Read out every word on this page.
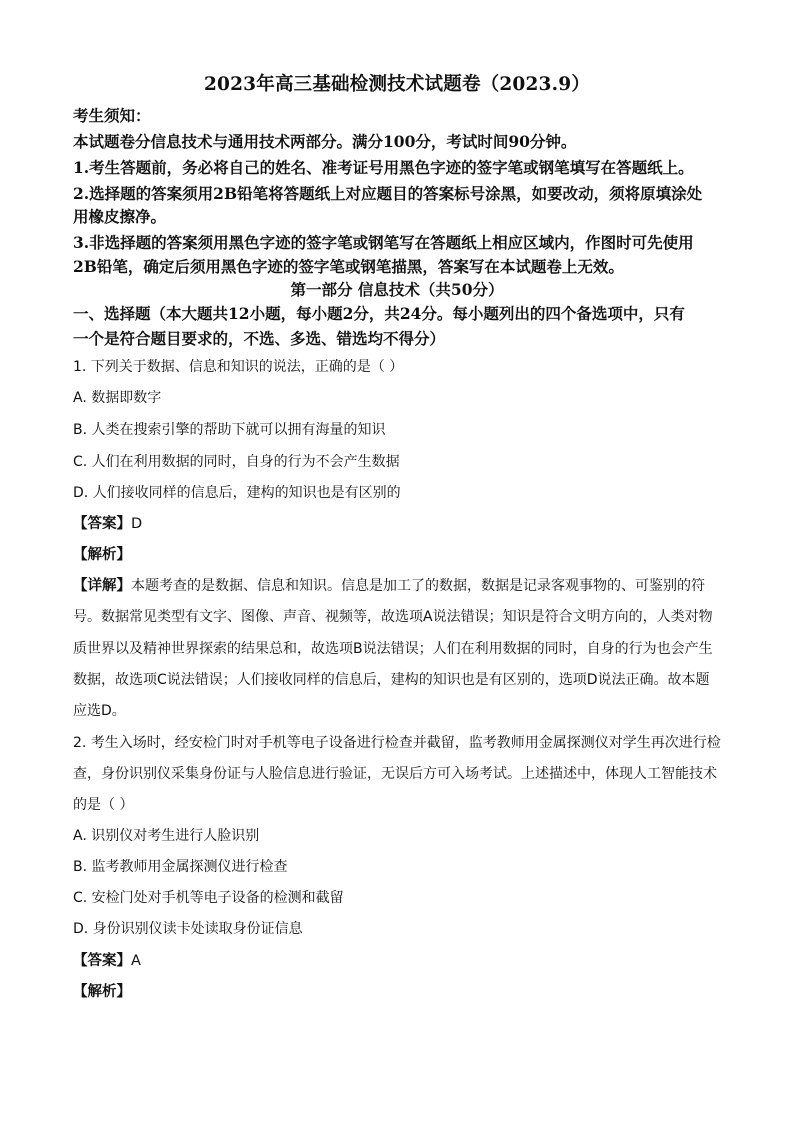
2023年高三基础检测技术试题卷（2023.9）
考生须知：
本试题卷分信息技术与通用技术两部分。满分100分，考试时间90分钟。
1.考生答题前，务必将自己的姓名、准考证号用黑色字迹的签字笔或钢笔填写在答题纸上。
2.选择题的答案须用2B铅笔将答题纸上对应题目的答案标号涂黑，如要改动，须将原填涂处
用橡皮擦净。
3.非选择题的答案须用黑色字迹的签字笔或钢笔写在答题纸上相应区域内，作图时可先使用
2B铅笔，确定后须用黑色字迹的签字笔或钢笔描黑，答案写在本试题卷上无效。
第一部分 信息技术（共50分）
一、选择题（本大题共12小题，每小题2分，共24分。每小题列出的四个备选项中，只有
一个是符合题目要求的，不选、多选、错选均不得分）
1. 下列关于数据、信息和知识的说法，正确的是（ ）
A. 数据即数字
B. 人类在搜索引擎的帮助下就可以拥有海量的知识
C. 人们在利用数据的同时，自身的行为不会产生数据
D. 人们接收同样的信息后，建构的知识也是有区别的
【答案】D
【解析】
【详解】本题考查的是数据、信息和知识。信息是加工了的数据，数据是记录客观事物的、可鉴别的符
号。数据常见类型有文字、图像、声音、视频等，故选项A说法错误；知识是符合文明方向的，人类对物
质世界以及精神世界探索的结果总和，故选项B说法错误；人们在利用数据的同时，自身的行为也会产生
数据，故选项C说法错误；人们接收同样的信息后，建构的知识也是有区别的，选项D说法正确。故本题
应选D。
2. 考生入场时，经安检门时对手机等电子设备进行检查并截留，监考教师用金属探测仪对学生再次进行检
查，身份识别仪采集身份证与人脸信息进行验证，无误后方可入场考试。上述描述中，体现人工智能技术
的是（ ）
A. 识别仪对考生进行人脸识别
B. 监考教师用金属探测仪进行检查
C. 安检门处对手机等电子设备的检测和截留
D. 身份识别仪读卡处读取身份证信息
【答案】A
【解析】
